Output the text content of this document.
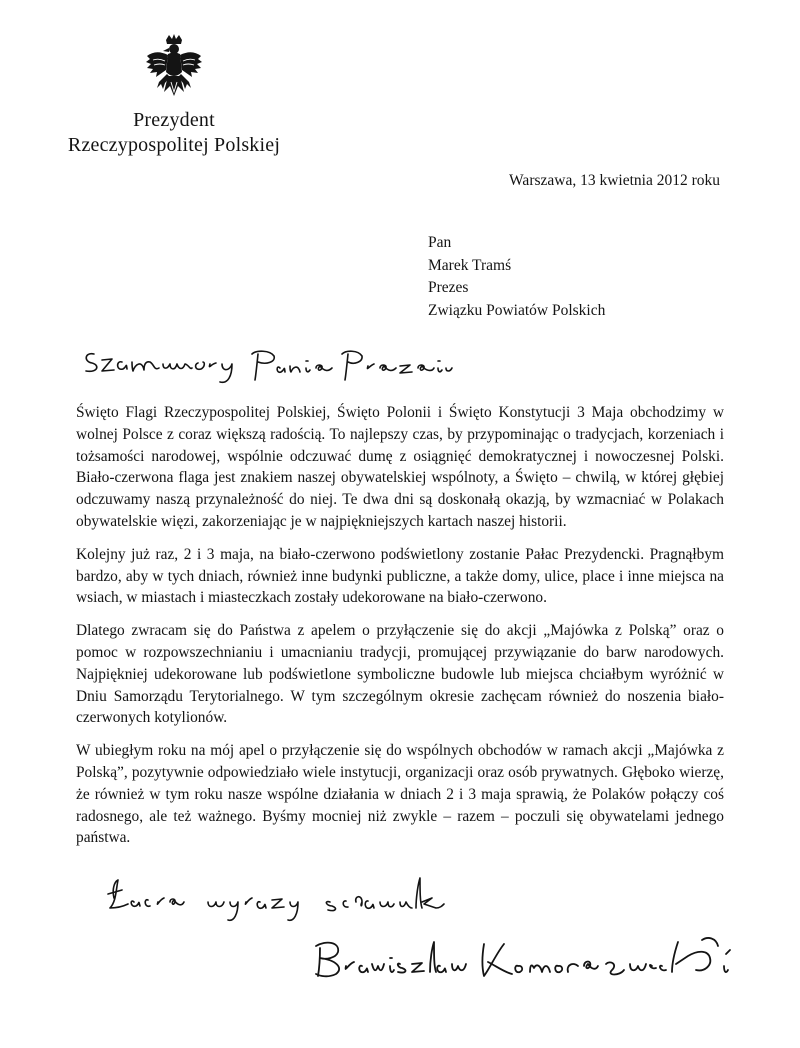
Prezydent
Rzeczypospolitej Polskiej
Warszawa, 13 kwietnia 2012 roku
Pan
Marek Tramś
Prezes
Związku Powiatów Polskich

Święto Flagi Rzeczypospolitej Polskiej, Święto Polonii i Święto Konstytucji 3 Maja obchodzimy w wolnej Polsce z coraz większą radością. To najlepszy czas, by przypominając o tradycjach, korzeniach i tożsamości narodowej, wspólnie odczuwać dumę z osiągnięć demokratycznej i nowoczesnej Polski. Biało-czerwona flaga jest znakiem naszej obywatelskiej wspólnoty, a Święto – chwilą, w której głębiej odczuwamy naszą przynależność do niej. Te dwa dni są doskonałą okazją, by wzmacniać w Polakach obywatelskie więzi, zakorzeniając je w najpiękniejszych kartach naszej historii.

Kolejny już raz, 2 i 3 maja, na biało-czerwono podświetlony zostanie Pałac Prezydencki. Pragnąłbym bardzo, aby w tych dniach, również inne budynki publiczne, a także domy, ulice, place i inne miejsca na wsiach, w miastach i miasteczkach zostały udekorowane na biało-czerwono.

Dlatego zwracam się do Państwa z apelem o przyłączenie się do akcji „Majówka z Polską” oraz o pomoc w rozpowszechnianiu i umacnianiu tradycji, promującej przywiązanie do barw narodowych. Najpiękniej udekorowane lub podświetlone symboliczne budowle lub miejsca chciałbym wyróżnić w Dniu Samorządu Terytorialnego. W tym szczególnym okresie zachęcam również do noszenia biało-czerwonych kotylionów.

W ubiegłym roku na mój apel o przyłączenie się do wspólnych obchodów w ramach akcji „Majówka z Polską”, pozytywnie odpowiedziało wiele instytucji, organizacji oraz osób prywatnych. Głęboko wierzę, że również w tym roku nasze wspólne działania w dniach 2 i 3 maja sprawią, że Polaków połączy coś radosnego, ale też ważnego. Byśmy mocniej niż zwykle – razem – poczuli się obywatelami jednego państwa.
